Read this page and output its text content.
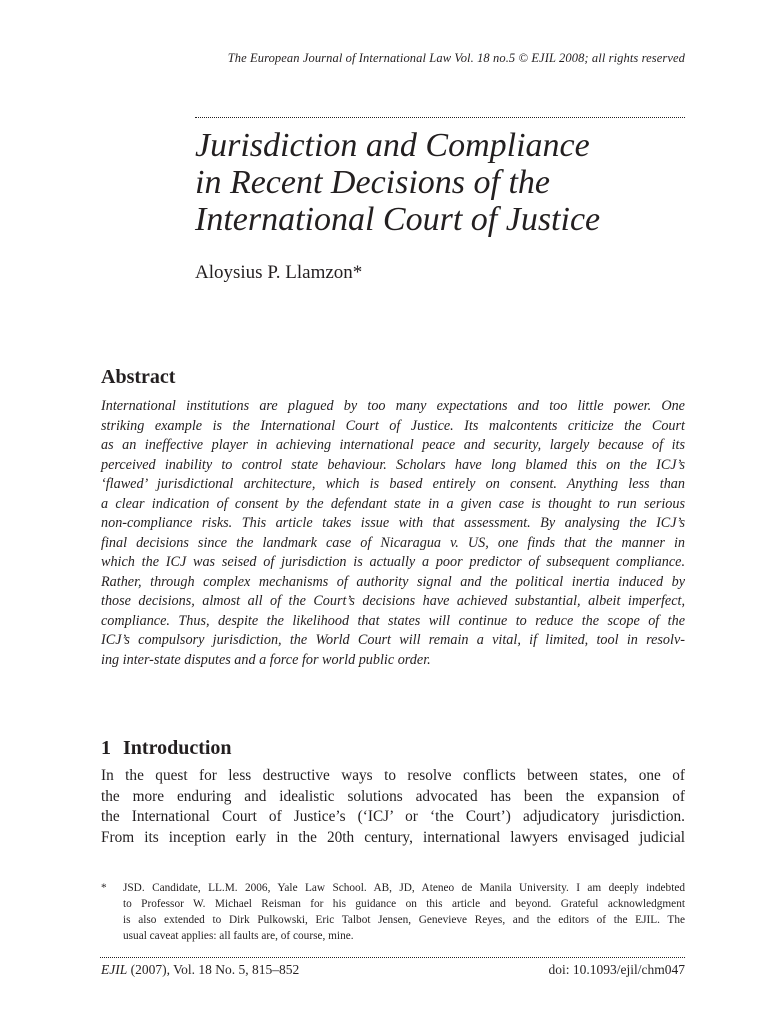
The European Journal of International Law Vol. 18 no.5 © EJIL 2008; all rights reserved
Jurisdiction and Compliance
in Recent Decisions of the
International Court of Justice

Aloysius P. Llamzon*

Abstract
International institutions are plagued by too many expectations and too little power. One
striking example is the International Court of Justice. Its malcontents criticize the Court
as an ineffective player in achieving international peace and security, largely because of its
perceived inability to control state behaviour. Scholars have long blamed this on the ICJ’s
‘flawed’ jurisdictional architecture, which is based entirely on consent. Anything less than
a clear indication of consent by the defendant state in a given case is thought to run serious
non-compliance risks. This article takes issue with that assessment. By analysing the ICJ’s
final decisions since the landmark case of Nicaragua v. US, one finds that the manner in
which the ICJ was seised of jurisdiction is actually a poor predictor of subsequent compliance.
Rather, through complex mechanisms of authority signal and the political inertia induced by
those decisions, almost all of the Court’s decisions have achieved substantial, albeit imperfect,
compliance. Thus, despite the likelihood that states will continue to reduce the scope of the
ICJ’s compulsory jurisdiction, the World Court will remain a vital, if limited, tool in resolv-
ing inter-state disputes and a force for world public order.
1 Introduction
In the quest for less destructive ways to resolve conflicts between states, one of
the more enduring and idealistic solutions advocated has been the expansion of
the International Court of Justice’s (‘ICJ’ or ‘the Court’) adjudicatory jurisdiction.
From its inception early in the 20th century, international lawyers envisaged judicial
* JSD. Candidate, LL.M. 2006, Yale Law School. AB, JD, Ateneo de Manila University. I am deeply indebted
to Professor W. Michael Reisman for his guidance on this article and beyond. Grateful acknowledgment
is also extended to Dirk Pulkowski, Eric Talbot Jensen, Genevieve Reyes, and the editors of the EJIL. The
usual caveat applies: all faults are, of course, mine.
EJIL (2007), Vol. 18 No. 5, 815–852	doi: 10.1093/ejil/chm047
